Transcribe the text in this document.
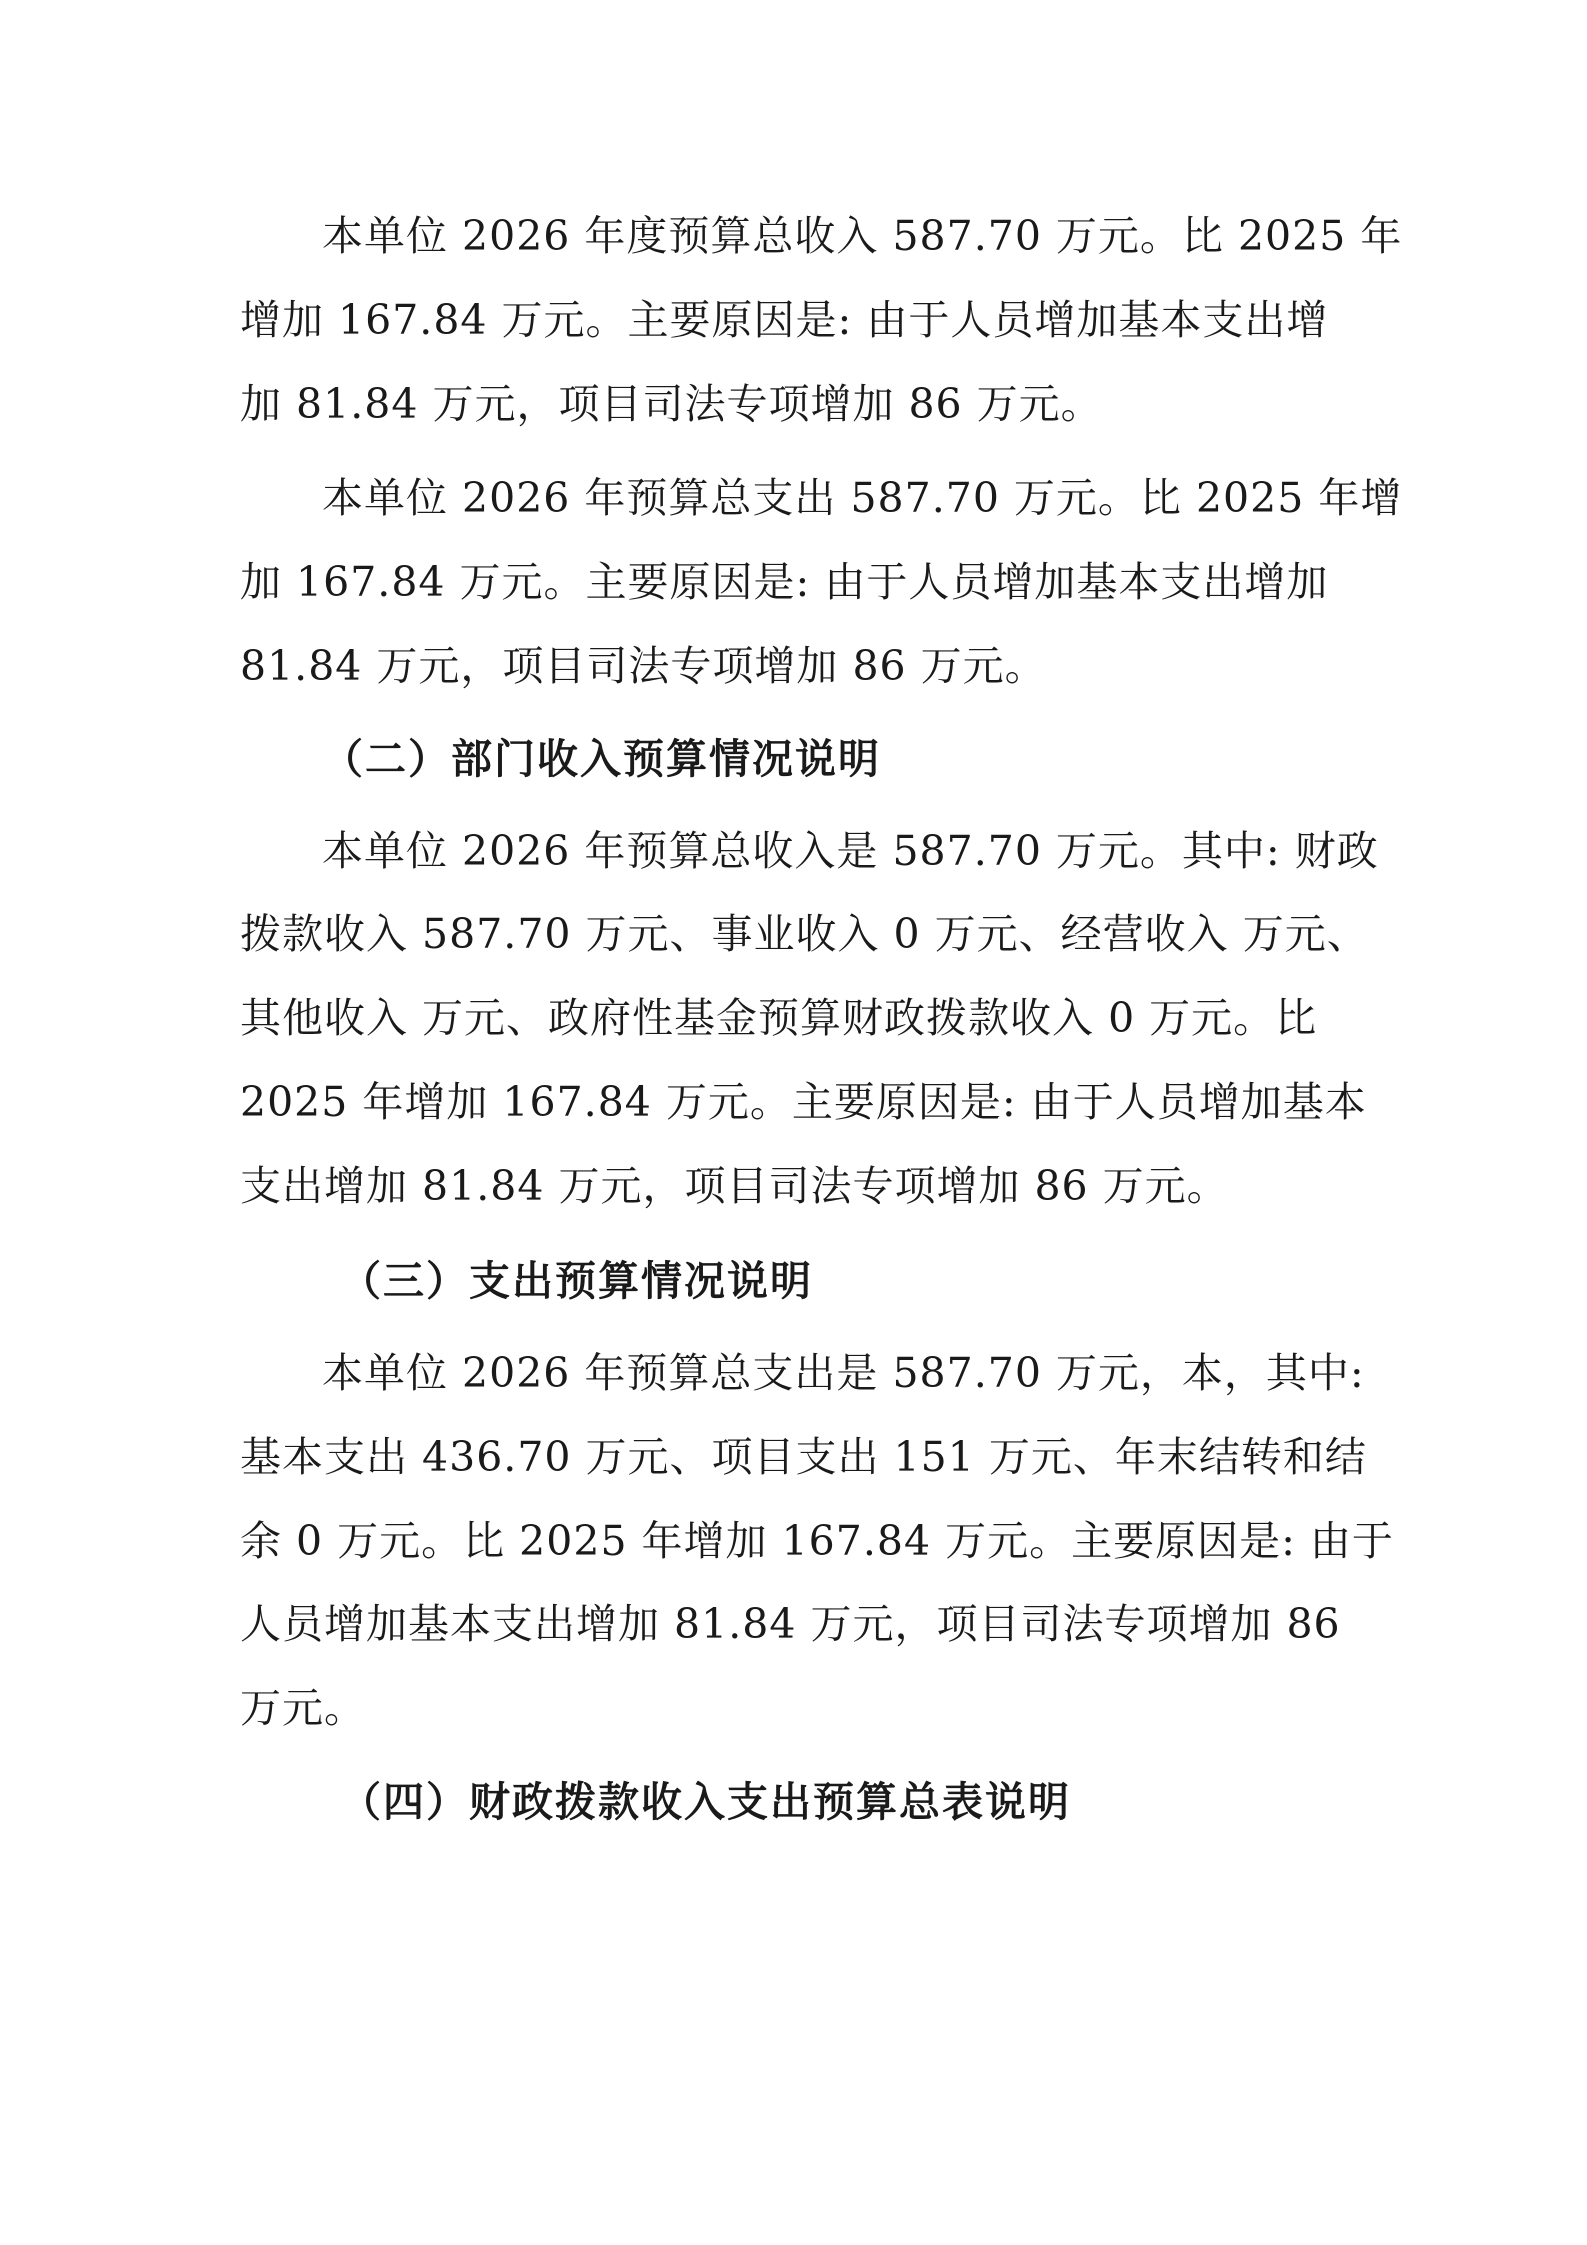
本单位 2026 年度预算总收入 587.70 万元。比 2025 年
增加 167.84 万元。主要原因是: 由于人员增加基本支出增
加 81.84 万元，项目司法专项增加 86 万元。
本单位 2026 年预算总支出 587.70 万元。比 2025 年增
加 167.84 万元。主要原因是: 由于人员增加基本支出增加
81.84 万元，项目司法专项增加 86 万元。
（二）部门收入预算情况说明
本单位 2026 年预算总收入是 587.70 万元。其中: 财政
拨款收入 587.70 万元、事业收入 0 万元、经营收入 万元、
其他收入 万元、政府性基金预算财政拨款收入 0 万元。比
2025 年增加 167.84 万元。主要原因是: 由于人员增加基本
支出增加 81.84 万元，项目司法专项增加 86 万元。
（三）支出预算情况说明
本单位 2026 年预算总支出是 587.70 万元，本，其中:
基本支出 436.70 万元、项目支出 151 万元、年末结转和结
余 0 万元。比 2025 年增加 167.84 万元。主要原因是: 由于
人员增加基本支出增加 81.84 万元，项目司法专项增加 86
万元。
（四）财政拨款收入支出预算总表说明
